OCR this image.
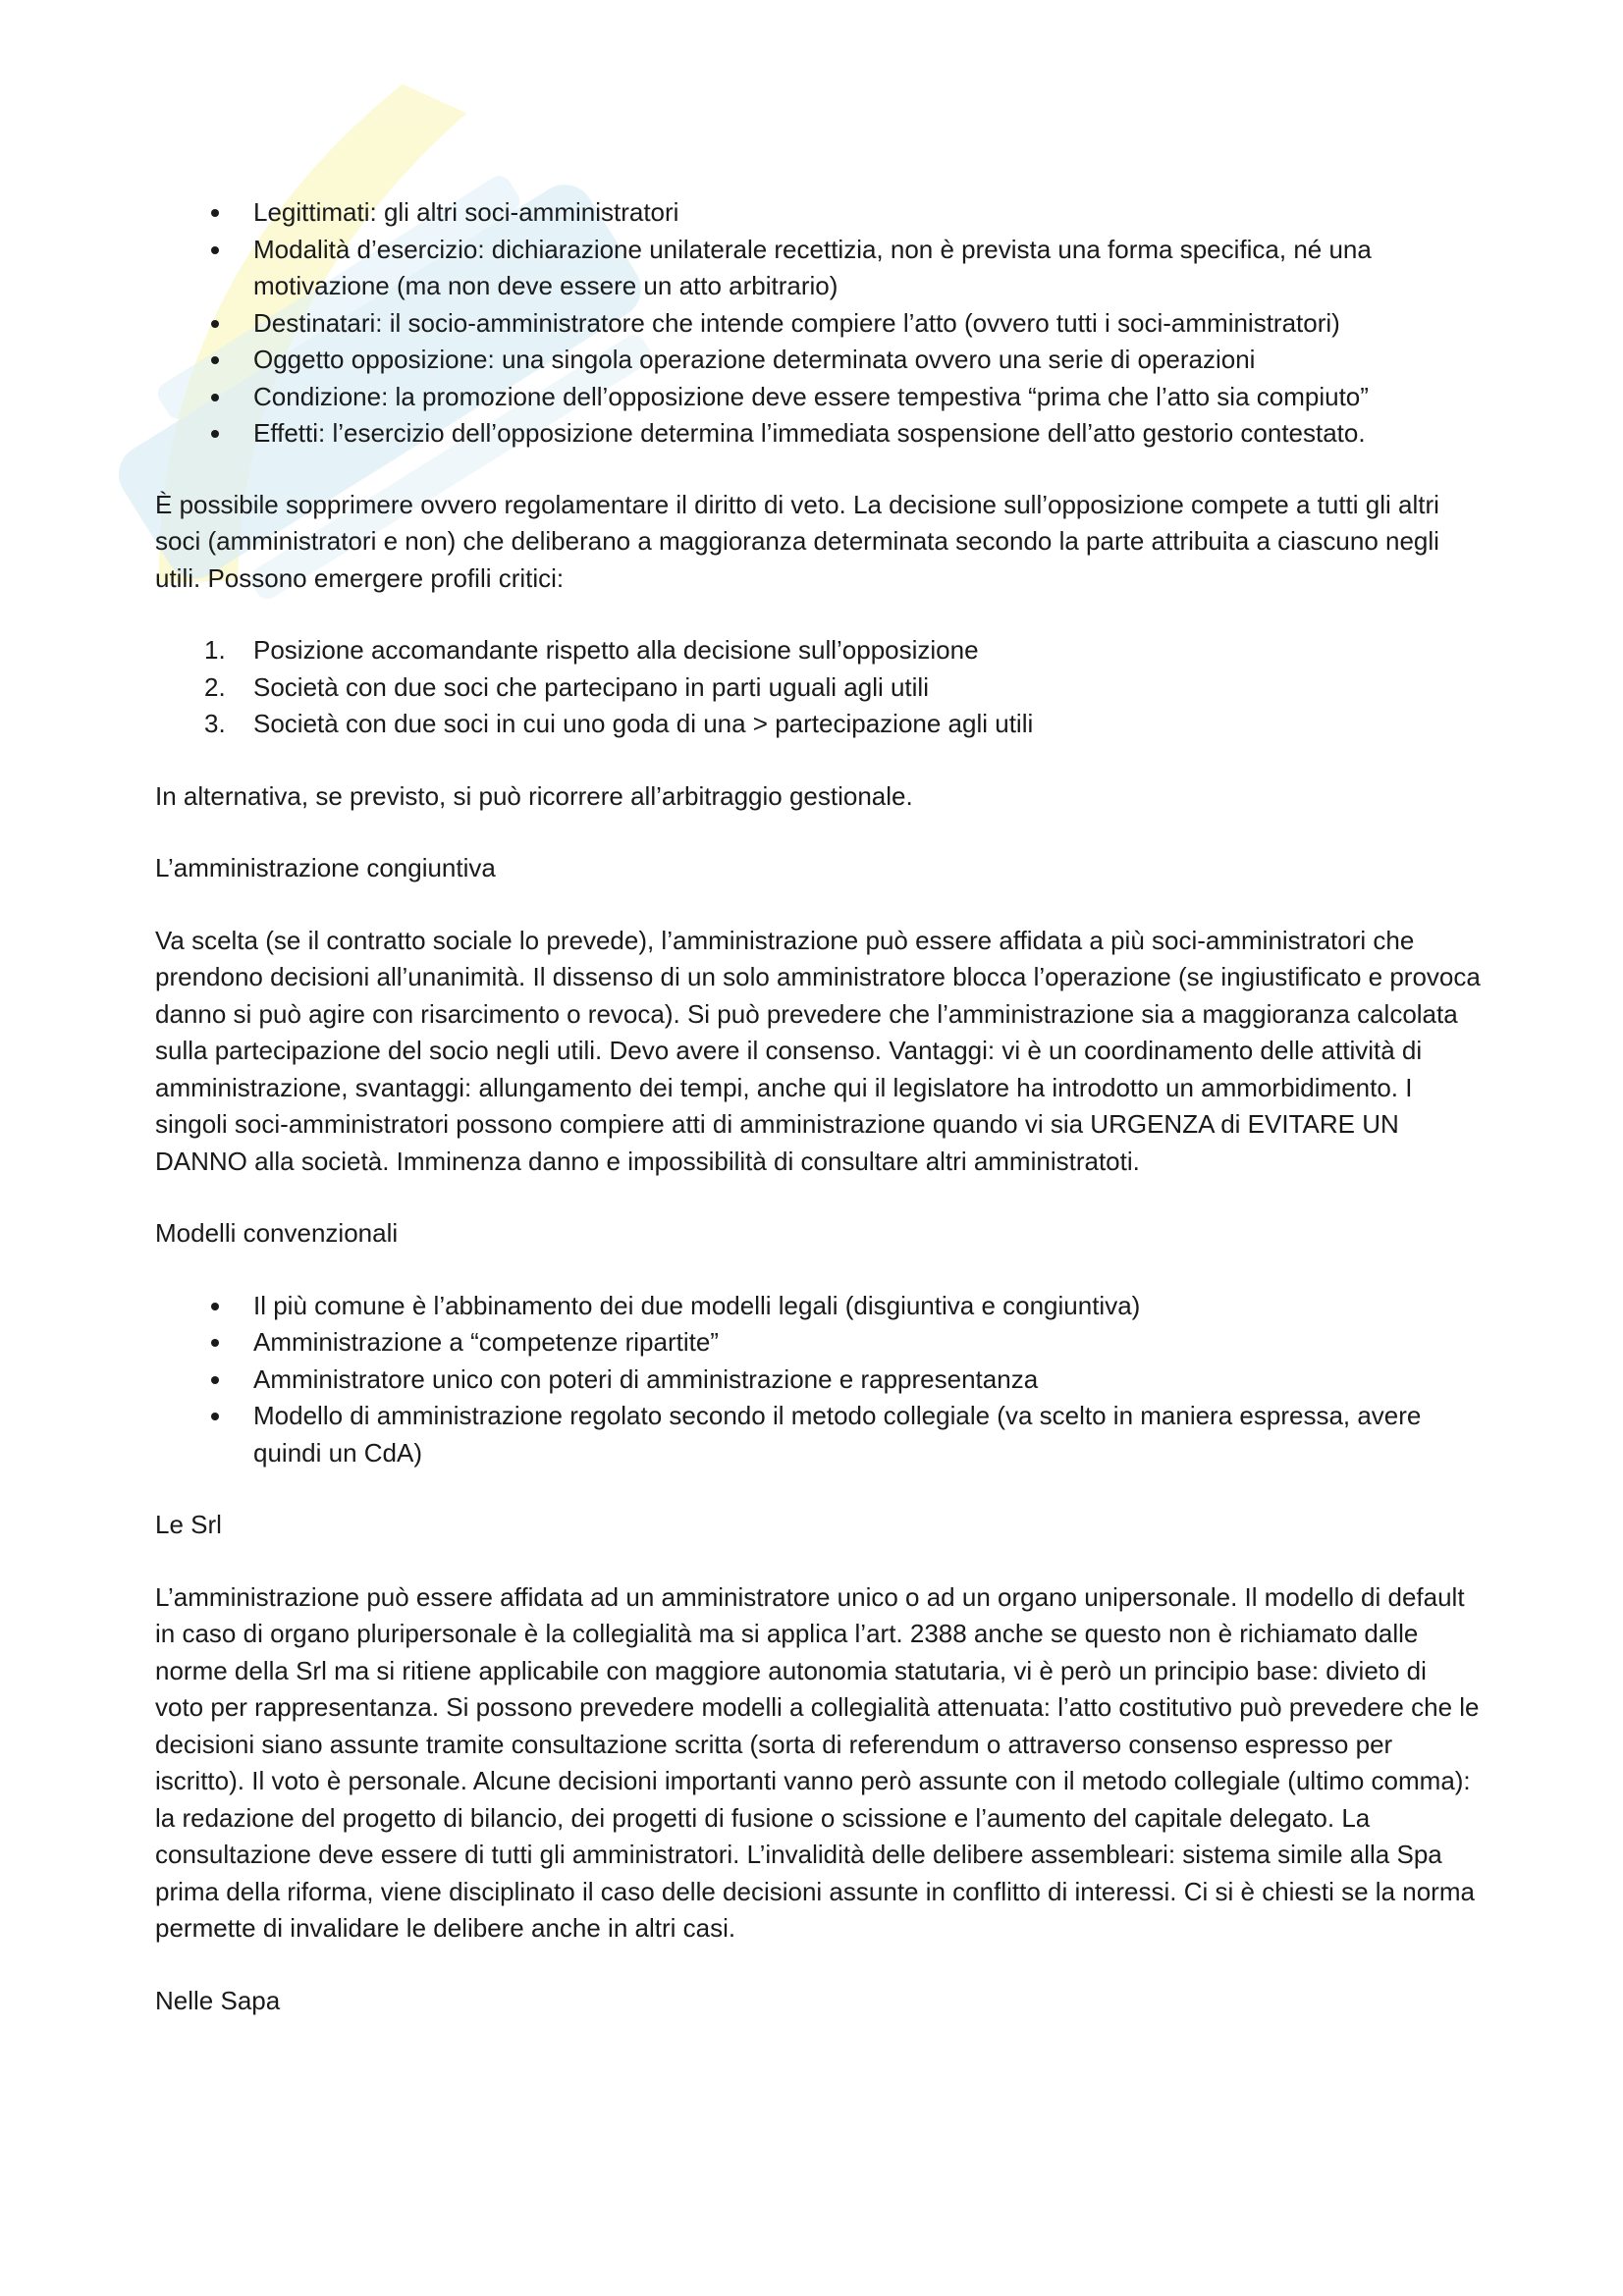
Legittimati: gli altri soci-amministratori
Modalità d’esercizio: dichiarazione unilaterale recettizia, non è prevista una forma specifica, né una motivazione (ma non deve essere un atto arbitrario)
Destinatari: il socio-amministratore che intende compiere l’atto (ovvero tutti i soci-amministratori)
Oggetto opposizione: una singola operazione determinata ovvero una serie di operazioni
Condizione: la promozione dell’opposizione deve essere tempestiva “prima che l’atto sia compiuto”
Effetti: l’esercizio dell’opposizione determina l’immediata sospensione dell’atto gestorio contestato.

È possibile sopprimere ovvero regolamentare il diritto di veto. La decisione sull’opposizione compete a tutti gli altri soci (amministratori e non) che deliberano a maggioranza determinata secondo la parte attribuita a ciascuno negli utili. Possono emergere profili critici:

1. Posizione accomandante rispetto alla decisione sull’opposizione
2. Società con due soci che partecipano in parti uguali agli utili
3. Società con due soci in cui uno goda di una > partecipazione agli utili

In alternativa, se previsto, si può ricorrere all’arbitraggio gestionale.

L’amministrazione congiuntiva

Va scelta (se il contratto sociale lo prevede), l’amministrazione può essere affidata a più soci-amministratori che prendono decisioni all’unanimità. Il dissenso di un solo amministratore blocca l’operazione (se ingiustificato e provoca danno si può agire con risarcimento o revoca). Si può prevedere che l’amministrazione sia a maggioranza calcolata sulla partecipazione del socio negli utili. Devo avere il consenso. Vantaggi: vi è un coordinamento delle attività di amministrazione, svantaggi: allungamento dei tempi, anche qui il legislatore ha introdotto un ammorbidimento. I singoli soci-amministratori possono compiere atti di amministrazione quando vi sia URGENZA di EVITARE UN DANNO alla società. Imminenza danno e impossibilità di consultare altri amministratoti.

Modelli convenzionali

Il più comune è l’abbinamento dei due modelli legali (disgiuntiva e congiuntiva)
Amministrazione a “competenze ripartite”
Amministratore unico con poteri di amministrazione e rappresentanza
Modello di amministrazione regolato secondo il metodo collegiale (va scelto in maniera espressa, avere quindi un CdA)

Le Srl

L’amministrazione può essere affidata ad un amministratore unico o ad un organo unipersonale. Il modello di default in caso di organo pluripersonale è la collegialità ma si applica l’art. 2388 anche se questo non è richiamato dalle norme della Srl ma si ritiene applicabile con maggiore autonomia statutaria, vi è però un principio base: divieto di voto per rappresentanza. Si possono prevedere modelli a collegialità attenuata: l’atto costitutivo può prevedere che le decisioni siano assunte tramite consultazione scritta (sorta di referendum o attraverso consenso espresso per iscritto). Il voto è personale. Alcune decisioni importanti vanno però assunte con il metodo collegiale (ultimo comma): la redazione del progetto di bilancio, dei progetti di fusione o scissione e l’aumento del capitale delegato. La consultazione deve essere di tutti gli amministratori. L’invalidità delle delibere assembleari: sistema simile alla Spa prima della riforma, viene disciplinato il caso delle decisioni assunte in conflitto di interessi. Ci si è chiesti se la norma permette di invalidare le delibere anche in altri casi.

Nelle Sapa
